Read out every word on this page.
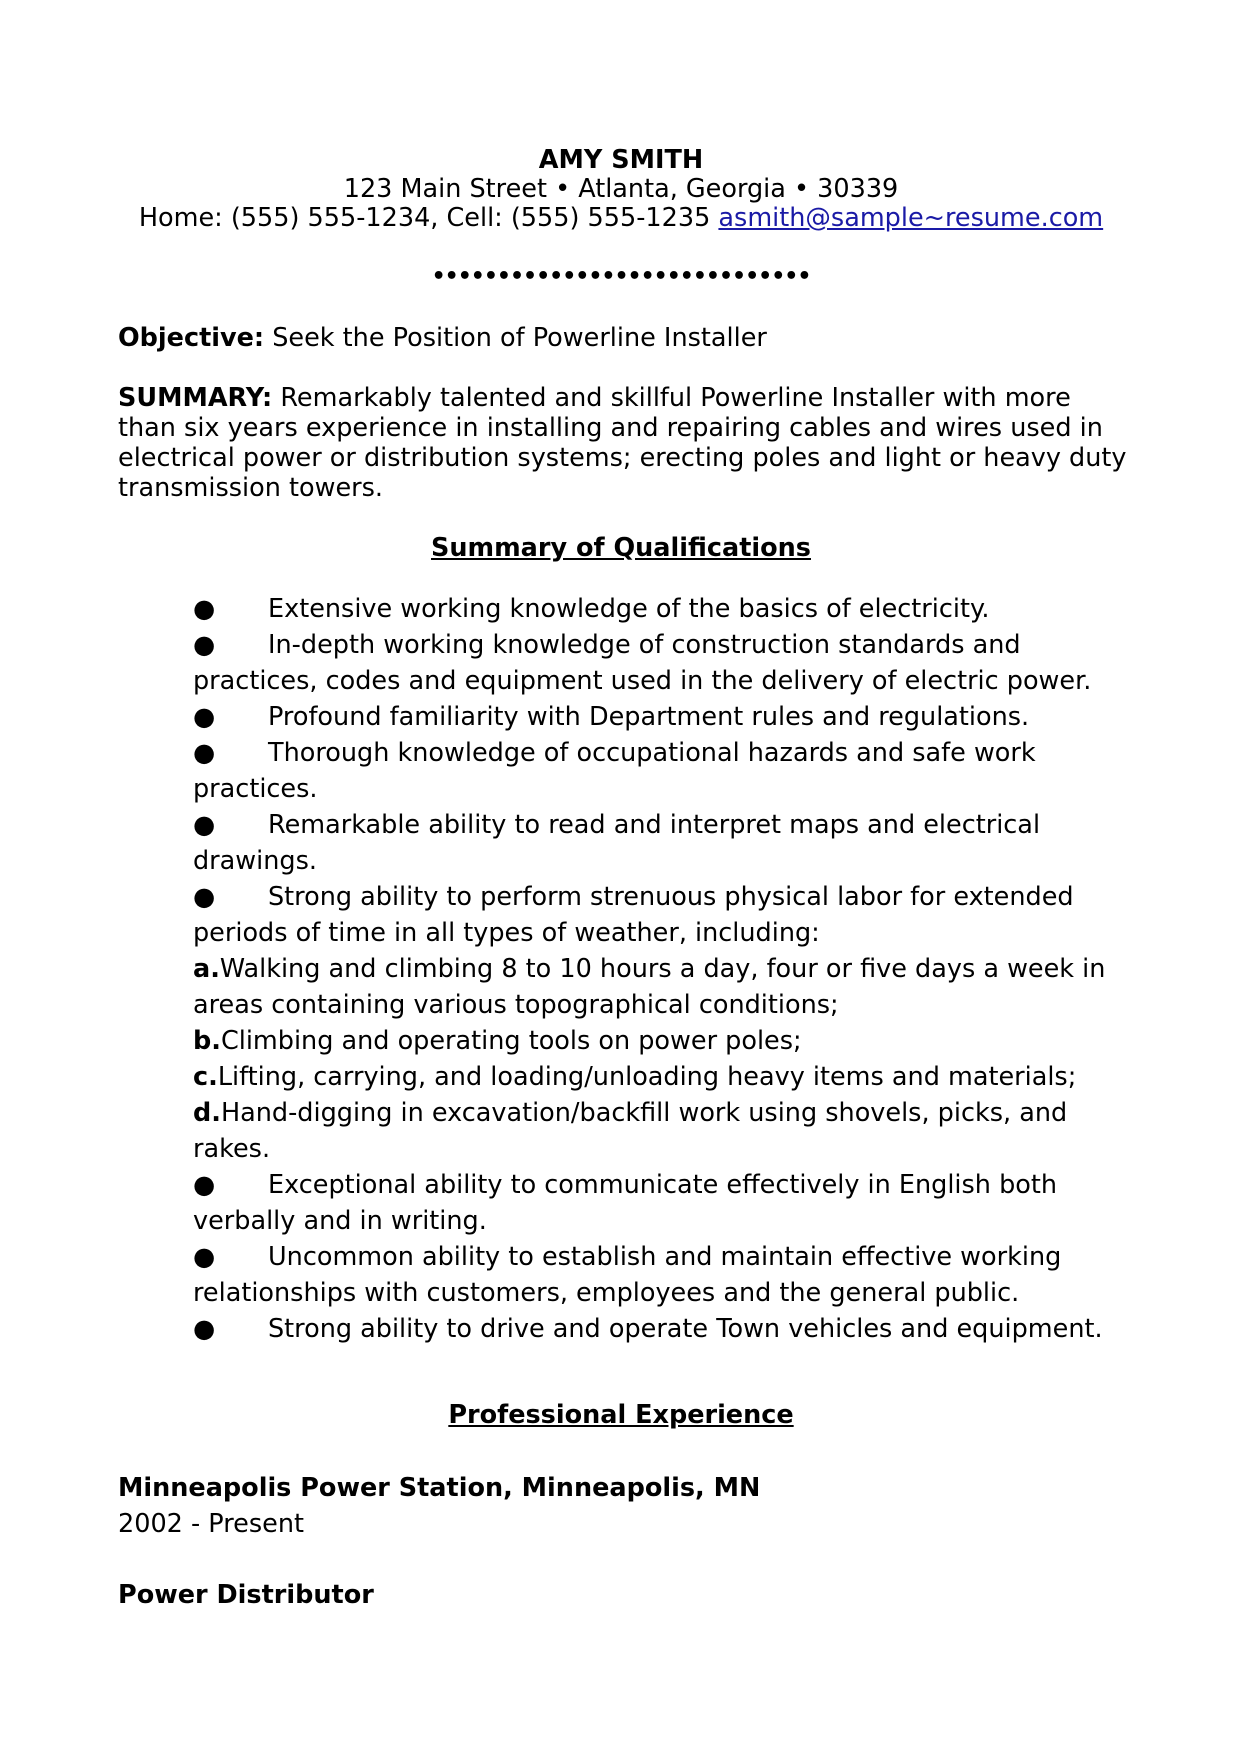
AMY SMITH
123 Main Street • Atlanta, Georgia • 30339
Home: (555) 555-1234, Cell: (555) 555-1235 asmith@sample~resume.com
•••••••••••••••••••••••••••••
Objective: Seek the Position of Powerline Installer
SUMMARY: Remarkably talented and skillful Powerline Installer with more
than six years experience in installing and repairing cables and wires used in
electrical power or distribution systems; erecting poles and light or heavy duty
transmission towers.
Summary of Qualifications
● Extensive working knowledge of the basics of electricity.
● In-depth working knowledge of construction standards and
practices, codes and equipment used in the delivery of electric power.
● Profound familiarity with Department rules and regulations.
● Thorough knowledge of occupational hazards and safe work
practices.
● Remarkable ability to read and interpret maps and electrical
drawings.
● Strong ability to perform strenuous physical labor for extended
periods of time in all types of weather, including:
a.Walking and climbing 8 to 10 hours a day, four or five days a week in
areas containing various topographical conditions;
b.Climbing and operating tools on power poles;
c.Lifting, carrying, and loading/unloading heavy items and materials;
d.Hand-digging in excavation/backfill work using shovels, picks, and
rakes.
● Exceptional ability to communicate effectively in English both
verbally and in writing.
● Uncommon ability to establish and maintain effective working
relationships with customers, employees and the general public.
● Strong ability to drive and operate Town vehicles and equipment.
Professional Experience
Minneapolis Power Station, Minneapolis, MN
2002 - Present
Power Distributor
